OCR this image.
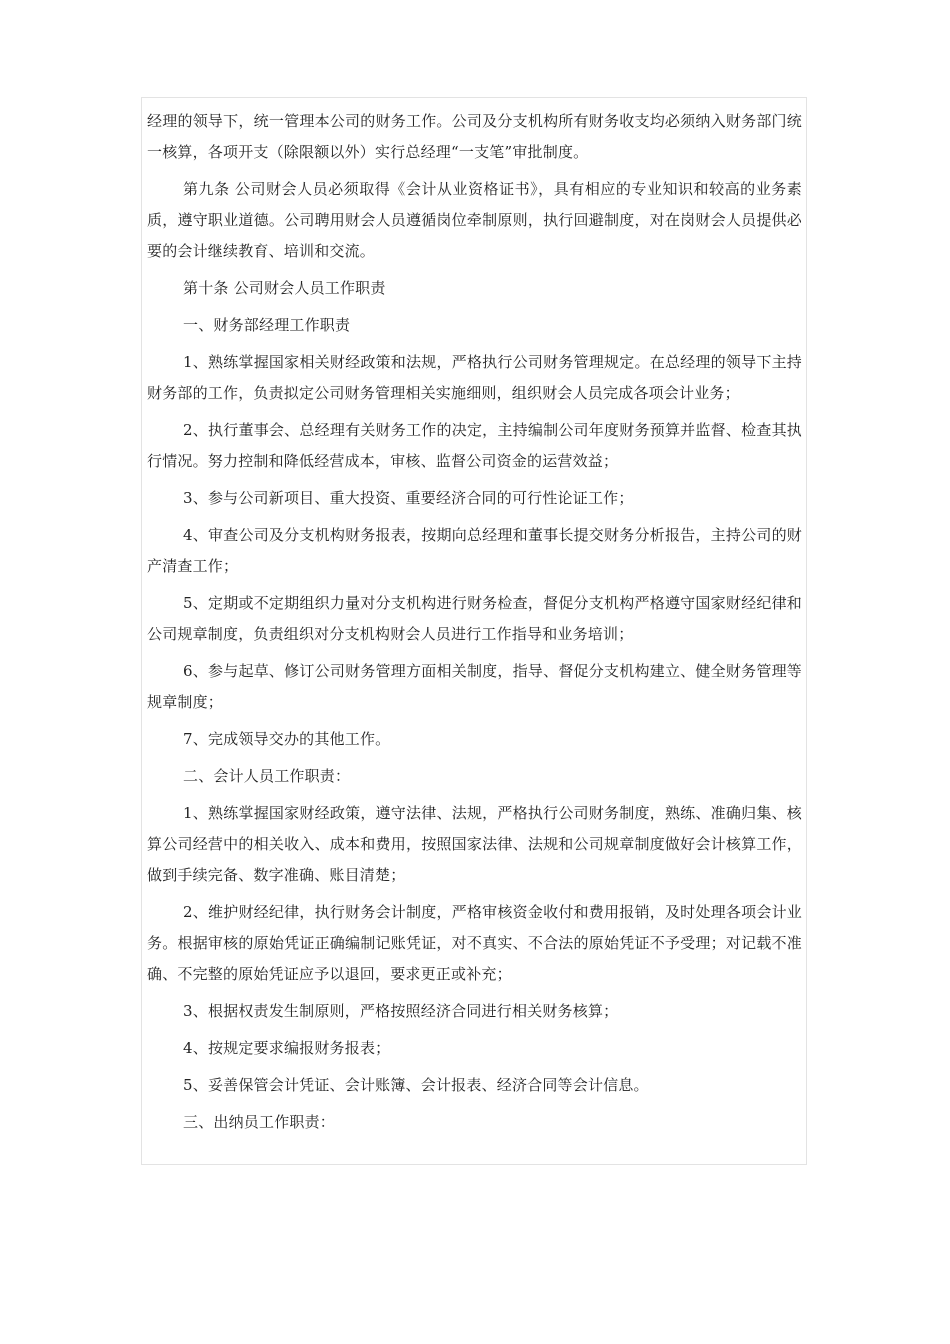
经理的领导下，统一管理本公司的财务工作。公司及分支机构所有财务收支均必须纳入财务部门统一核算，各项开支（除限额以外）实行总经理“一支笔”审批制度。

第九条 公司财会人员必须取得《会计从业资格证书》，具有相应的专业知识和较高的业务素质，遵守职业道德。公司聘用财会人员遵循岗位牵制原则，执行回避制度，对在岗财会人员提供必要的会计继续教育、培训和交流。

第十条 公司财会人员工作职责

一、财务部经理工作职责

1、熟练掌握国家相关财经政策和法规，严格执行公司财务管理规定。在总经理的领导下主持财务部的工作，负责拟定公司财务管理相关实施细则，组织财会人员完成各项会计业务；

2、执行董事会、总经理有关财务工作的决定，主持编制公司年度财务预算并监督、检查其执行情况。努力控制和降低经营成本，审核、监督公司资金的运营效益；

3、参与公司新项目、重大投资、重要经济合同的可行性论证工作；

4、审查公司及分支机构财务报表，按期向总经理和董事长提交财务分析报告，主持公司的财产清查工作；

5、定期或不定期组织力量对分支机构进行财务检查，督促分支机构严格遵守国家财经纪律和公司规章制度，负责组织对分支机构财会人员进行工作指导和业务培训；

6、参与起草、修订公司财务管理方面相关制度，指导、督促分支机构建立、健全财务管理等规章制度；

7、完成领导交办的其他工作。

二、会计人员工作职责：

1、熟练掌握国家财经政策，遵守法律、法规，严格执行公司财务制度，熟练、准确归集、核算公司经营中的相关收入、成本和费用，按照国家法律、法规和公司规章制度做好会计核算工作，做到手续完备、数字准确、账目清楚；

2、维护财经纪律，执行财务会计制度，严格审核资金收付和费用报销，及时处理各项会计业务。根据审核的原始凭证正确编制记账凭证，对不真实、不合法的原始凭证不予受理；对记载不准确、不完整的原始凭证应予以退回，要求更正或补充；

3、根据权责发生制原则，严格按照经济合同进行相关财务核算；

4、按规定要求编报财务报表；

5、妥善保管会计凭证、会计账簿、会计报表、经济合同等会计信息。

三、出纳员工作职责：
